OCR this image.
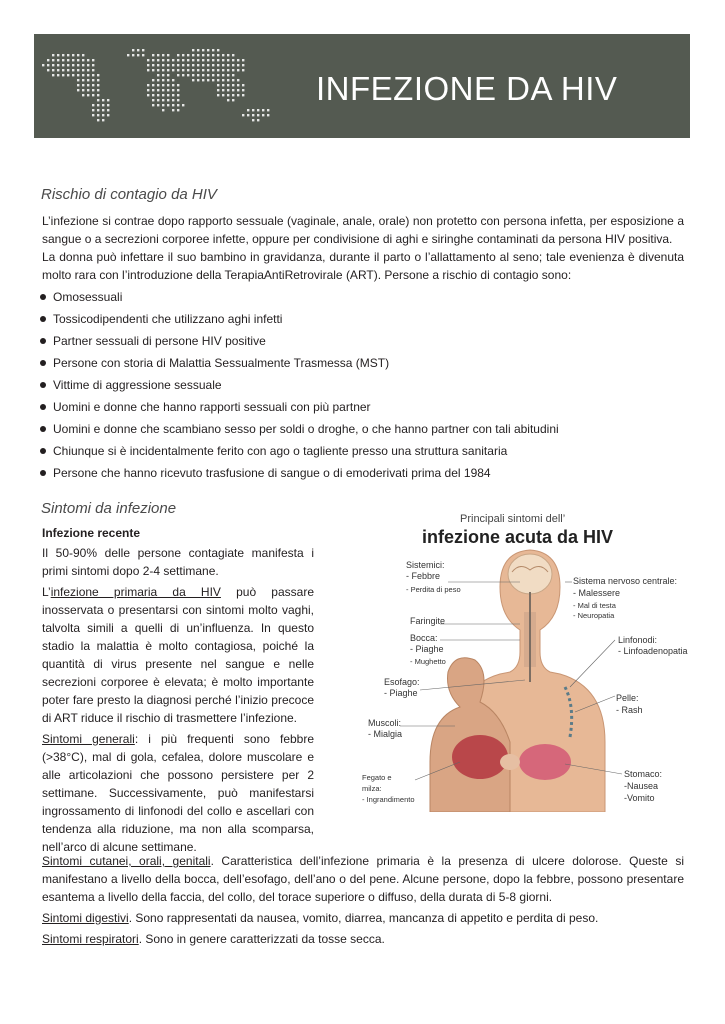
INFEZIONE DA HIV
Rischio di contagio da HIV

L’infezione si contrae dopo rapporto sessuale (vaginale, anale, orale) non protetto con persona infetta, per esposizione a sangue o a secrezioni corporee infette, oppure per condivisione di aghi e siringhe contaminati da persona HIV positiva.

La donna può infettare il suo bambino in gravidanza, durante il parto o l’allattamento al seno; tale evenienza è divenuta molto rara con l’introduzione della TerapiaAntiRetrovirale (ART). Persone a rischio di contagio sono:

Omosessuali
Tossicodipendenti che utilizzano aghi infetti
Partner sessuali di persone HIV positive
Persone con storia di Malattia Sessualmente Trasmessa (MST)
Vittime di aggressione sessuale
Uomini e donne che hanno rapporti sessuali con più partner
Uomini e donne che scambiano sesso per soldi o droghe, o che hanno partner con tali abitudini
Chiunque si è incidentalmente ferito con ago o tagliente presso una struttura sanitaria
Persone che hanno ricevuto trasfusione di sangue o di emoderivati prima del 1984
Sintomi da infezione

Infezione recente

Il 50-90% delle persone contagiate manifesta i primi sintomi dopo 2-4 settimane.

L’infezione primaria da HIV può passare inosservata o presentarsi con sintomi molto vaghi, talvolta simili a quelli di un’influenza. In questo stadio la malattia è molto contagiosa, poiché la quantità di virus presente nel sangue e nelle secrezioni corporee è elevata; è molto importante poter fare presto la diagnosi perché l’inizio precoce di ART riduce il rischio di trasmettere l’infezione.

Sintomi generali: i più frequenti sono febbre (>38°C), mal di gola, cefalea, dolore muscolare e alle articolazioni che possono persistere per 2 settimane. Successivamente, può manifestarsi ingrossamento di linfonodi del collo e ascellari con tendenza alla riduzione, ma non alla scomparsa, nell’arco di alcune settimane.

Sintomi cutanei, orali, genitali. Caratteristica dell’infezione primaria è la presenza di ulcere dolorose. Queste si manifestano a livello della bocca, dell’esofago, dell’ano o del pene. Alcune persone, dopo la febbre, possono presentare esantema a livello della faccia, del collo, del torace superiore o diffuso, della durata di 5-8 giorni.

Sintomi digestivi. Sono rappresentati da nausea, vomito, diarrea, mancanza di appetito e perdita di peso.

Sintomi respiratori. Sono in genere caratterizzati da tosse secca.

Principali sintomi dell’
infezione acuta da HIV
Sistemici:
- Febbre
- Perdita di peso
Faringite
Bocca:
- Piaghe
- Mughetto
Esofago:
- Piaghe
Muscoli:
- Mialgia
Fegato e
milza:
- Ingrandimento
Sistema nervoso centrale:
- Malessere
- Mal di testa
- Neuropatia
Linfonodi:
- Linfoadenopatia
Pelle:
- Rash
Stomaco:
-Nausea
-Vomito
